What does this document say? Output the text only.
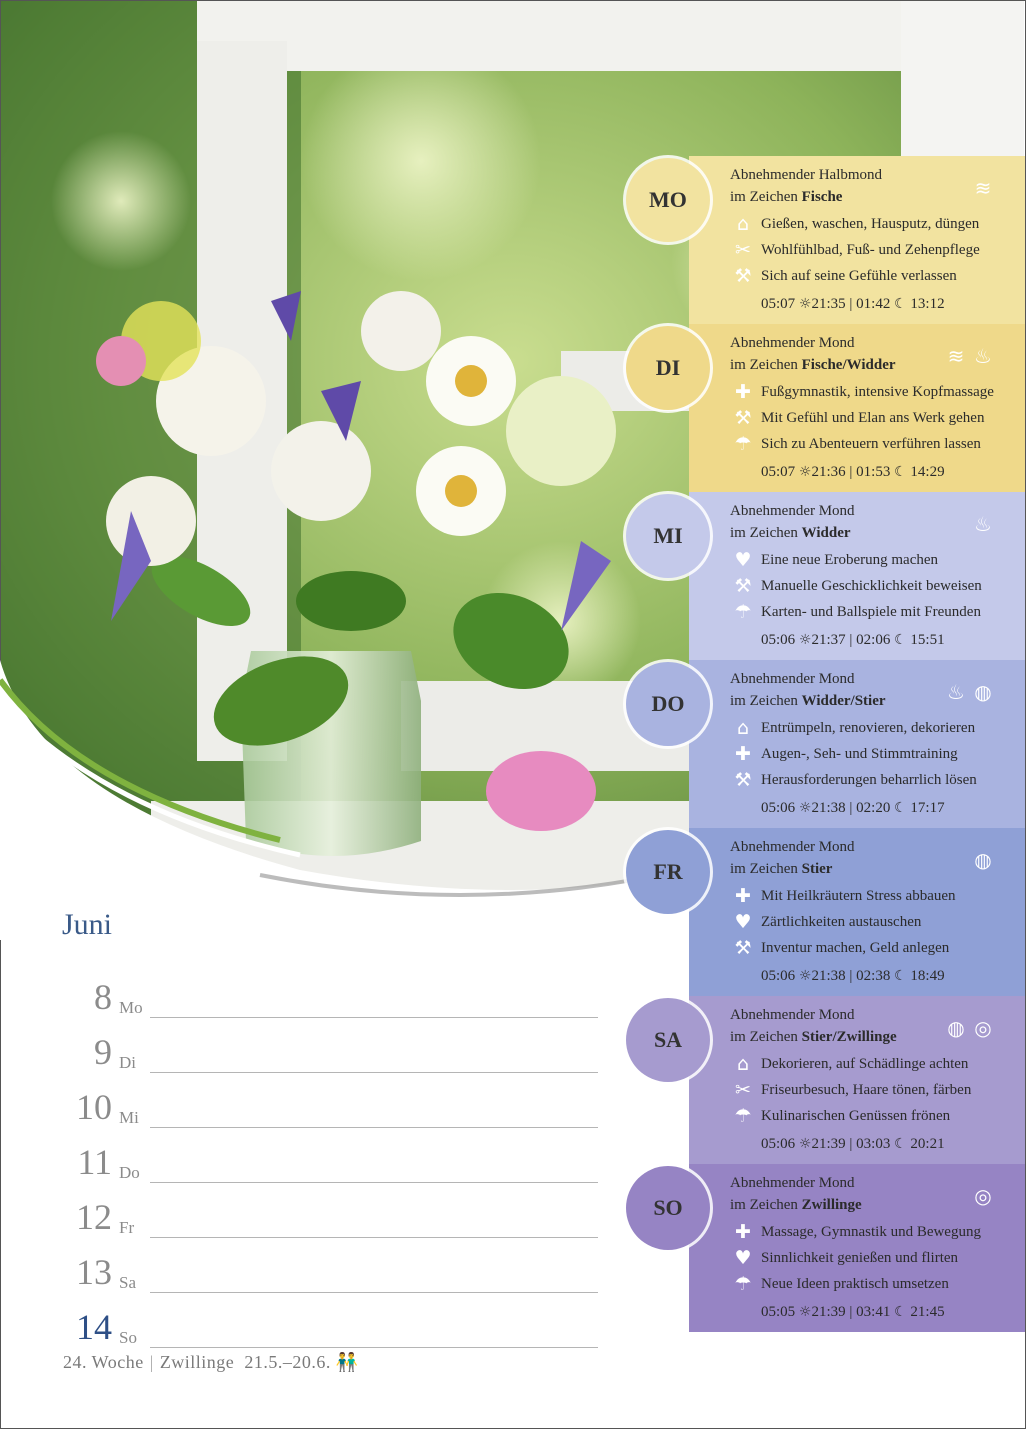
Abnehmender Halbmond
im Zeichen Fische	≋
⌂ Gießen, waschen, Hausputz, düngen
✂ Wohlfühlbad, Fuß- und Zehenpflege
⚒ Sich auf seine Gefühle verlassen
05:07 ☼21:35 | 01:42 ☾ 13:12
Abnehmender Mond
im Zeichen Fische/Widder	≋ ♨
✚ Fußgymnastik, intensive Kopfmassage
⚒ Mit Gefühl und Elan ans Werk gehen
☂ Sich zu Abenteuern verführen lassen
05:07 ☼21:36 | 01:53 ☾ 14:29
Abnehmender Mond
im Zeichen Widder	♨
♥ Eine neue Eroberung machen
⚒ Manuelle Geschicklichkeit beweisen
☂ Karten- und Ballspiele mit Freunden
05:06 ☼21:37 | 02:06 ☾ 15:51
Abnehmender Mond
im Zeichen Widder/Stier	♨ ◍
⌂ Entrümpeln, renovieren, dekorieren
✚ Augen-, Seh- und Stimmtraining
⚒ Herausforderungen beharrlich lösen
05:06 ☼21:38 | 02:20 ☾ 17:17
Abnehmender Mond
im Zeichen Stier	◍
✚ Mit Heilkräutern Stress abbauen
♥ Zärtlichkeiten austauschen
⚒ Inventur machen, Geld anlegen
05:06 ☼21:38 | 02:38 ☾ 18:49
Abnehmender Mond
im Zeichen Stier/Zwillinge	◍ ◎
⌂ Dekorieren, auf Schädlinge achten
✂ Friseurbesuch, Haare tönen, färben
☂ Kulinarischen Genüssen frönen
05:06 ☼21:39 | 03:03 ☾ 20:21
Abnehmender Mond
im Zeichen Zwillinge	◎
✚ Massage, Gymnastik und Bewegung
♥ Sinnlichkeit genießen und flirten
☂ Neue Ideen praktisch umsetzen
05:05 ☼21:39 | 03:41 ☾ 21:45
MO
DI
MI
DO
FR
SA
SO
Juni
8 Mo
9 Di
10 Mi
11 Do
12 Fr
13 Sa
14 So
24. Woche | Zwillinge 21.5.–20.6. 👬
